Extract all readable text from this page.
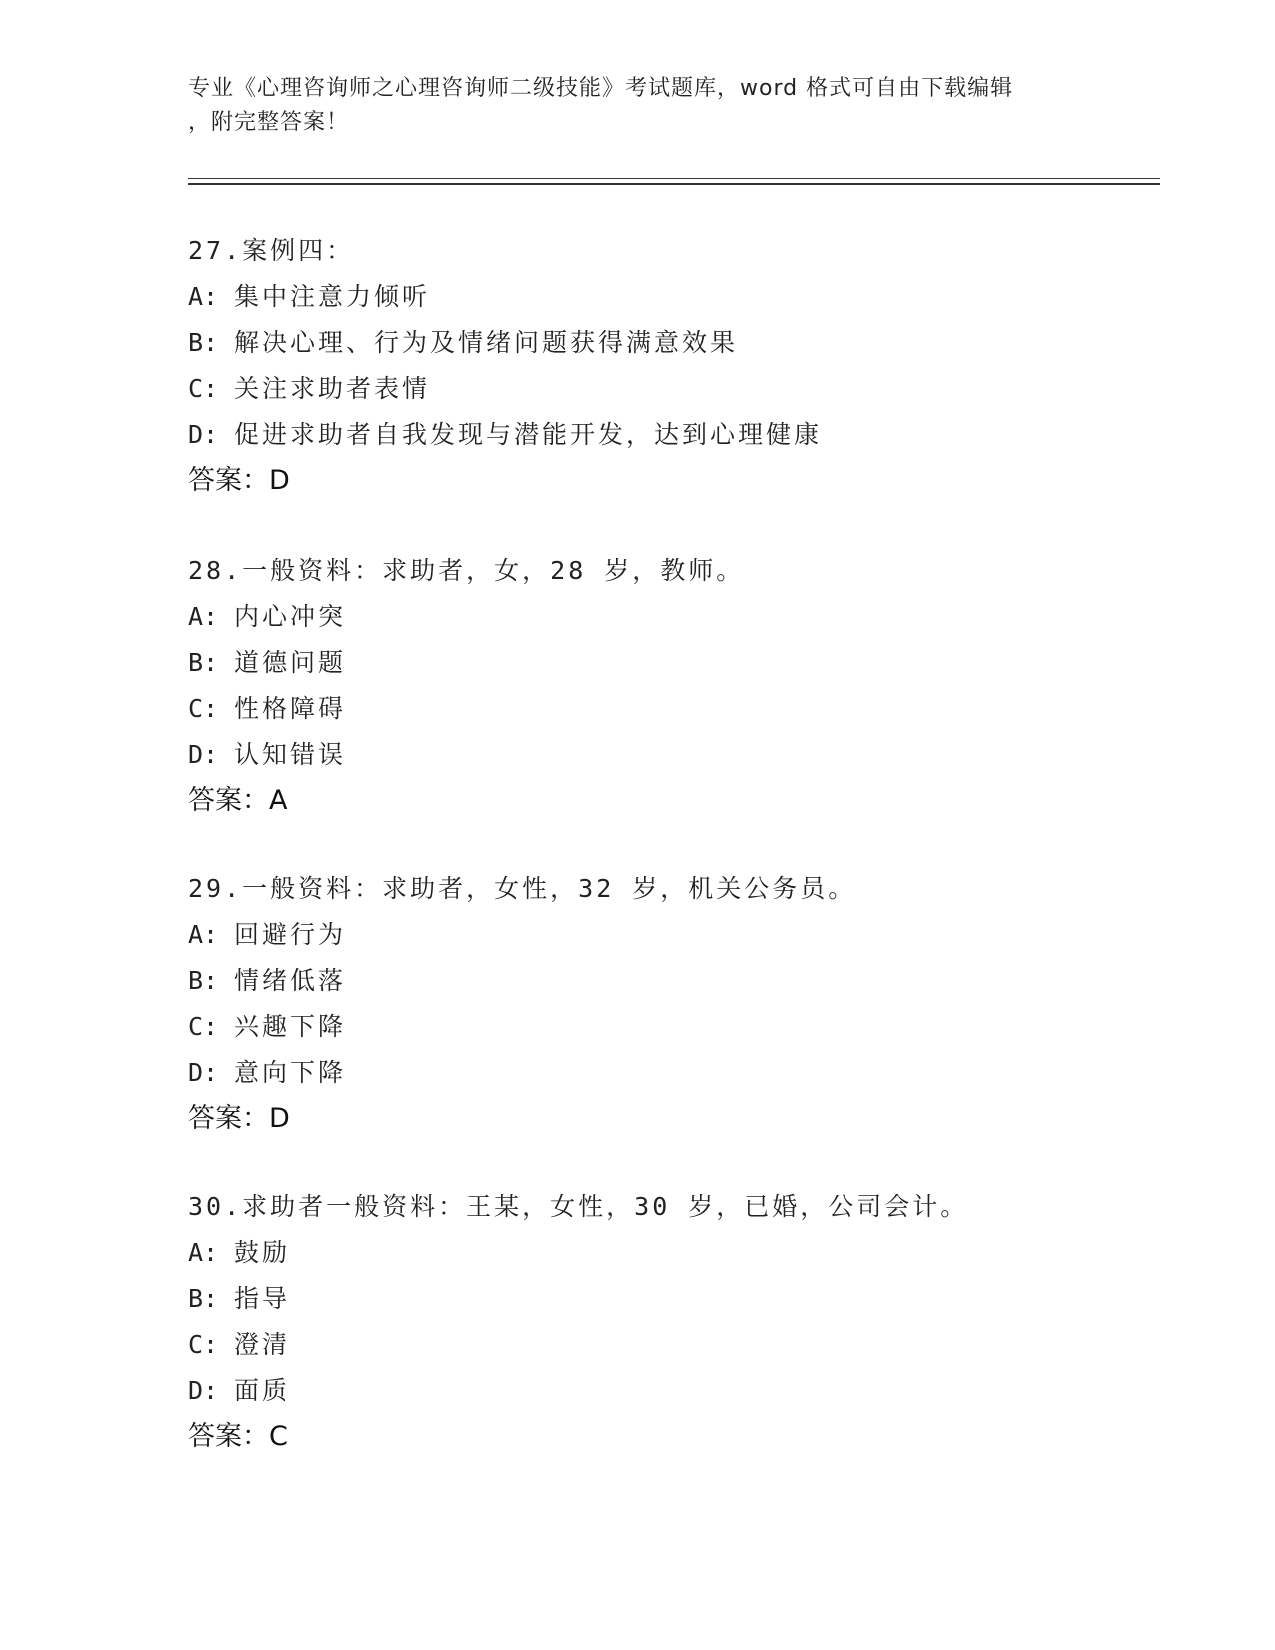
专业《心理咨询师之心理咨询师二级技能》考试题库，word 格式可自由下载编辑
，附完整答案！
27.案例四：
A: 集中注意力倾听
B: 解决心理、行为及情绪问题获得满意效果
C: 关注求助者表情
D: 促进求助者自我发现与潜能开发，达到心理健康
答案：D
28.一般资料：求助者，女，28 岁，教师。
A: 内心冲突
B: 道德问题
C: 性格障碍
D: 认知错误
答案：A
29.一般资料：求助者，女性，32 岁，机关公务员。
A: 回避行为
B: 情绪低落
C: 兴趣下降
D: 意向下降
答案：D
30.求助者一般资料：王某，女性，30 岁，已婚，公司会计。
A: 鼓励
B: 指导
C: 澄清
D: 面质
答案：C
